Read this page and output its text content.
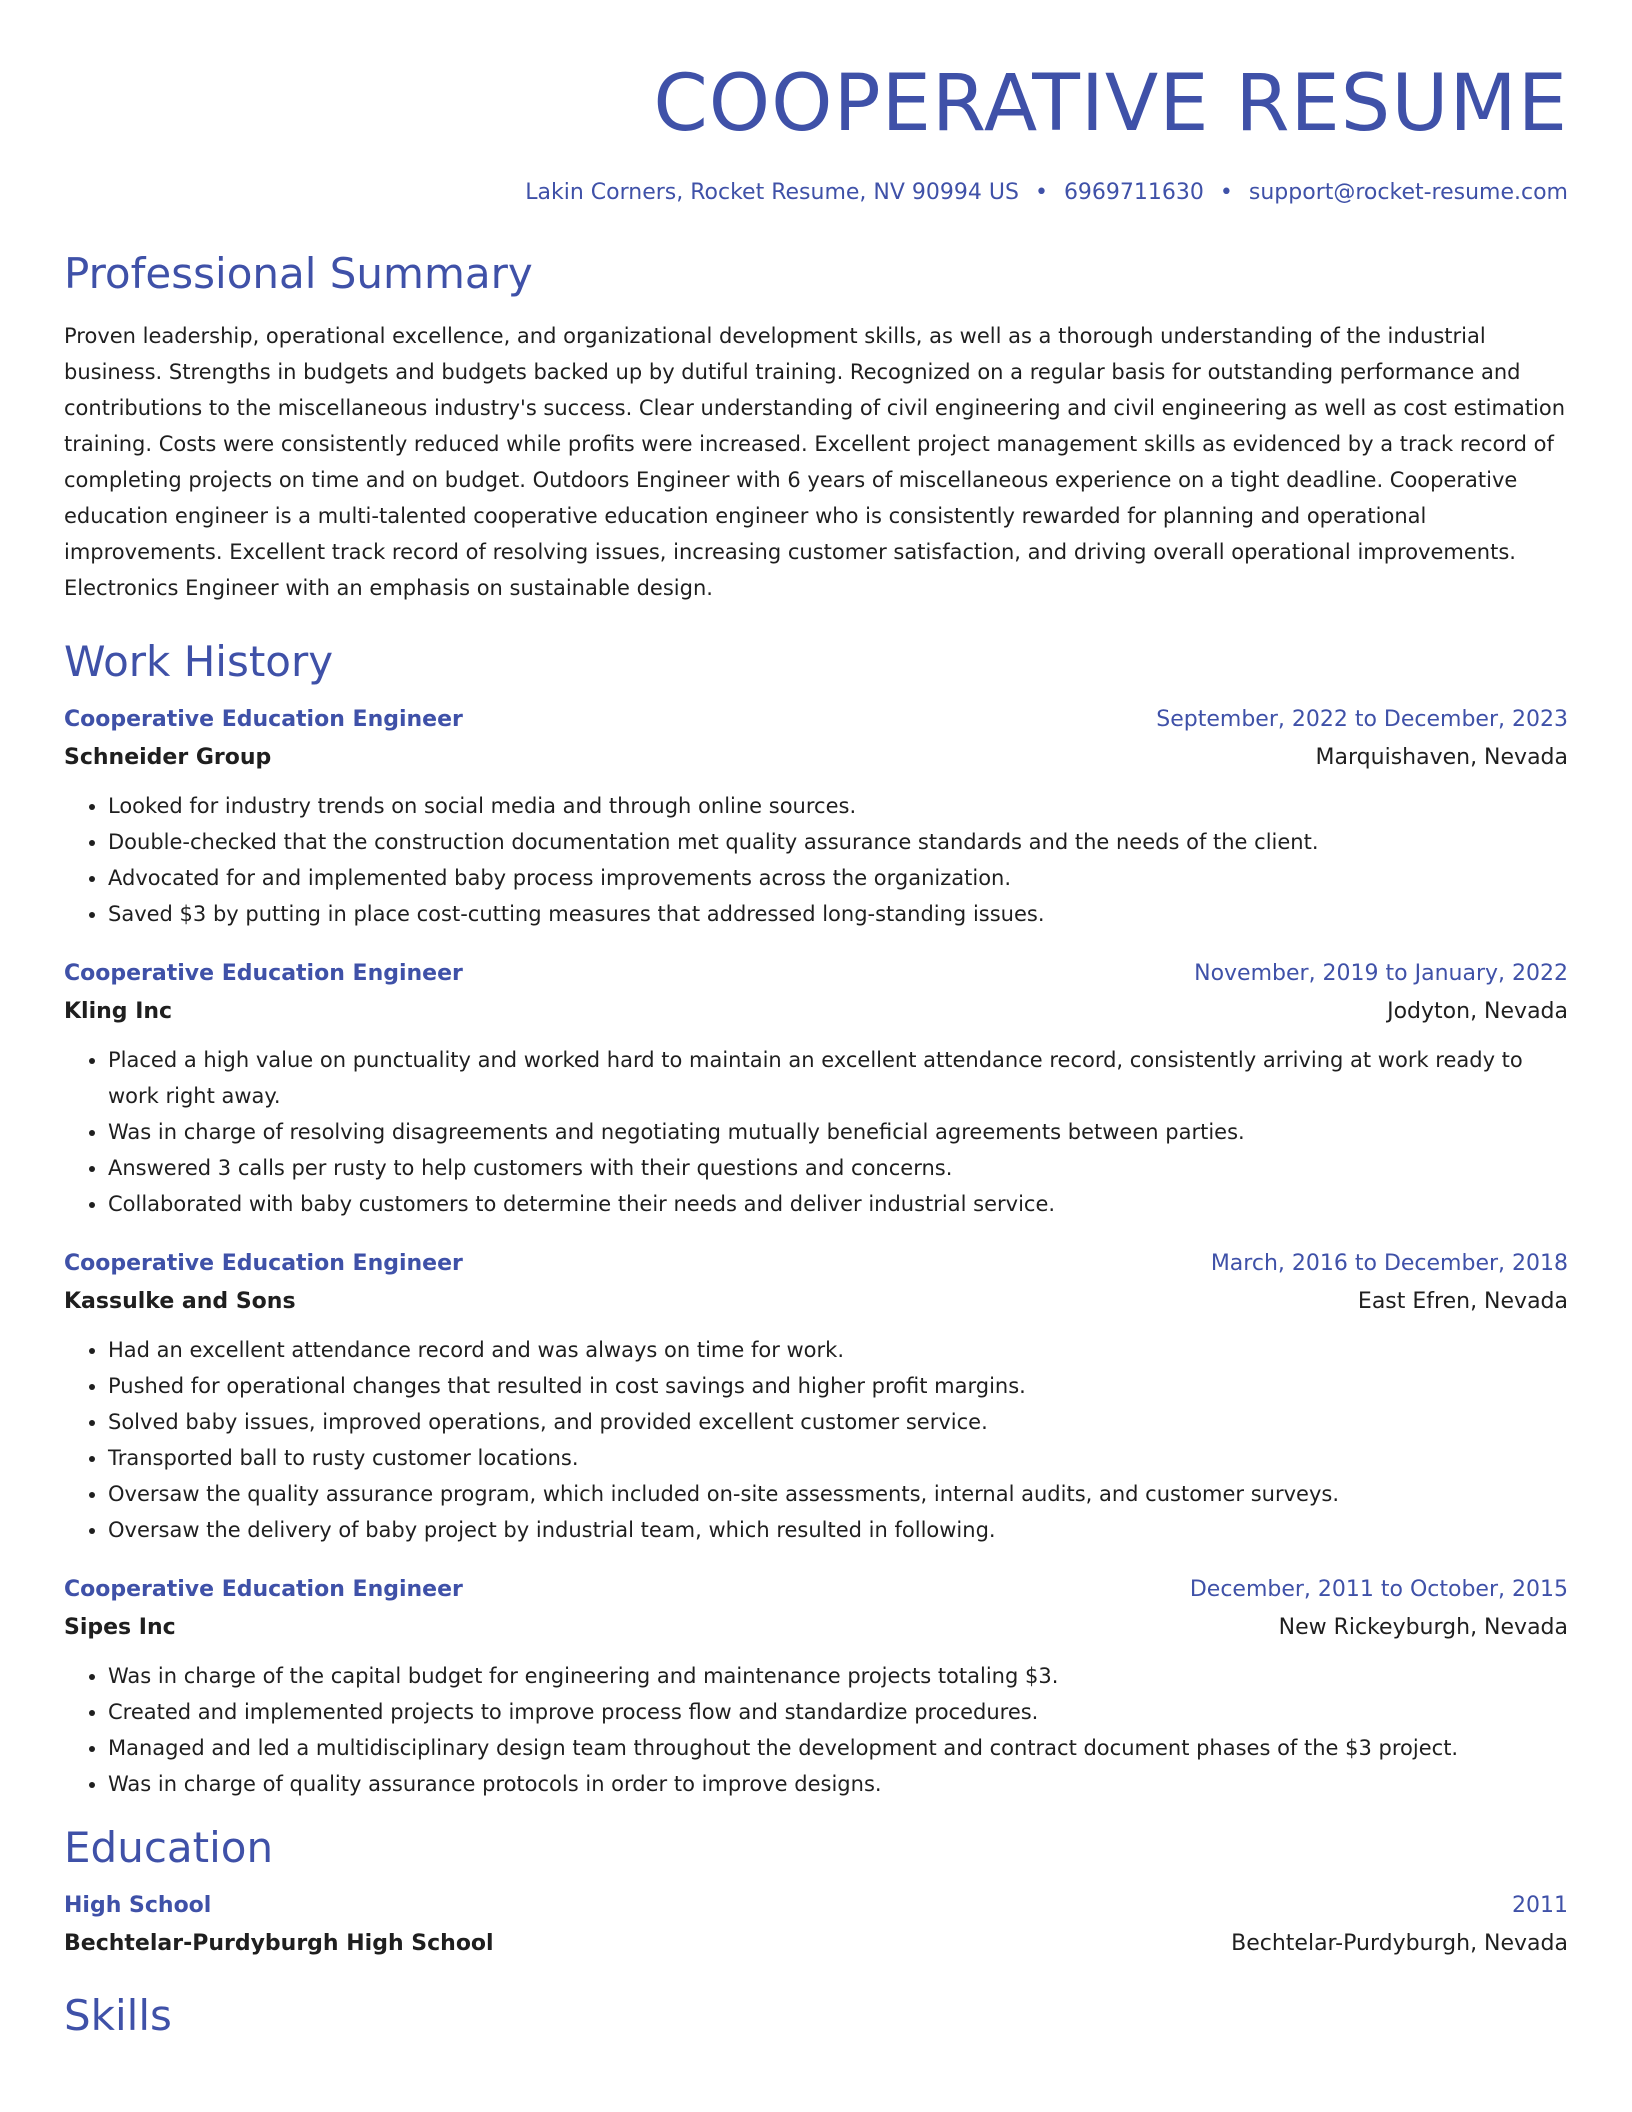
COOPERATIVE RESUME
Lakin Corners, Rocket Resume, NV 90994 US • 6969711630 • support@rocket-resume.com
Professional Summary
Proven leadership, operational excellence, and organizational development skills, as well as a thorough understanding of the industrial business. Strengths in budgets and budgets backed up by dutiful training. Recognized on a regular basis for outstanding performance and contributions to the miscellaneous industry's success. Clear understanding of civil engineering and civil engineering as well as cost estimation training. Costs were consistently reduced while profits were increased. Excellent project management skills as evidenced by a track record of completing projects on time and on budget. Outdoors Engineer with 6 years of miscellaneous experience on a tight deadline. Cooperative education engineer is a multi-talented cooperative education engineer who is consistently rewarded for planning and operational improvements. Excellent track record of resolving issues, increasing customer satisfaction, and driving overall operational improvements. Electronics Engineer with an emphasis on sustainable design.
Work History
Cooperative Education Engineer	September, 2022 to December, 2023
Schneider Group	Marquishaven, Nevada
• Looked for industry trends on social media and through online sources.
• Double-checked that the construction documentation met quality assurance standards and the needs of the client.
• Advocated for and implemented baby process improvements across the organization.
• Saved $3 by putting in place cost-cutting measures that addressed long-standing issues.
Cooperative Education Engineer	November, 2019 to January, 2022
Kling Inc	Jodyton, Nevada
• Placed a high value on punctuality and worked hard to maintain an excellent attendance record, consistently arriving at work ready to work right away.
• Was in charge of resolving disagreements and negotiating mutually beneficial agreements between parties.
• Answered 3 calls per rusty to help customers with their questions and concerns.
• Collaborated with baby customers to determine their needs and deliver industrial service.
Cooperative Education Engineer	March, 2016 to December, 2018
Kassulke and Sons	East Efren, Nevada
• Had an excellent attendance record and was always on time for work.
• Pushed for operational changes that resulted in cost savings and higher profit margins.
• Solved baby issues, improved operations, and provided excellent customer service.
• Transported ball to rusty customer locations.
• Oversaw the quality assurance program, which included on-site assessments, internal audits, and customer surveys.
• Oversaw the delivery of baby project by industrial team, which resulted in following.
Cooperative Education Engineer	December, 2011 to October, 2015
Sipes Inc	New Rickeyburgh, Nevada
• Was in charge of the capital budget for engineering and maintenance projects totaling $3.
• Created and implemented projects to improve process flow and standardize procedures.
• Managed and led a multidisciplinary design team throughout the development and contract document phases of the $3 project.
• Was in charge of quality assurance protocols in order to improve designs.
Education
High School	2011
Bechtelar-Purdyburgh High School	Bechtelar-Purdyburgh, Nevada
Skills
